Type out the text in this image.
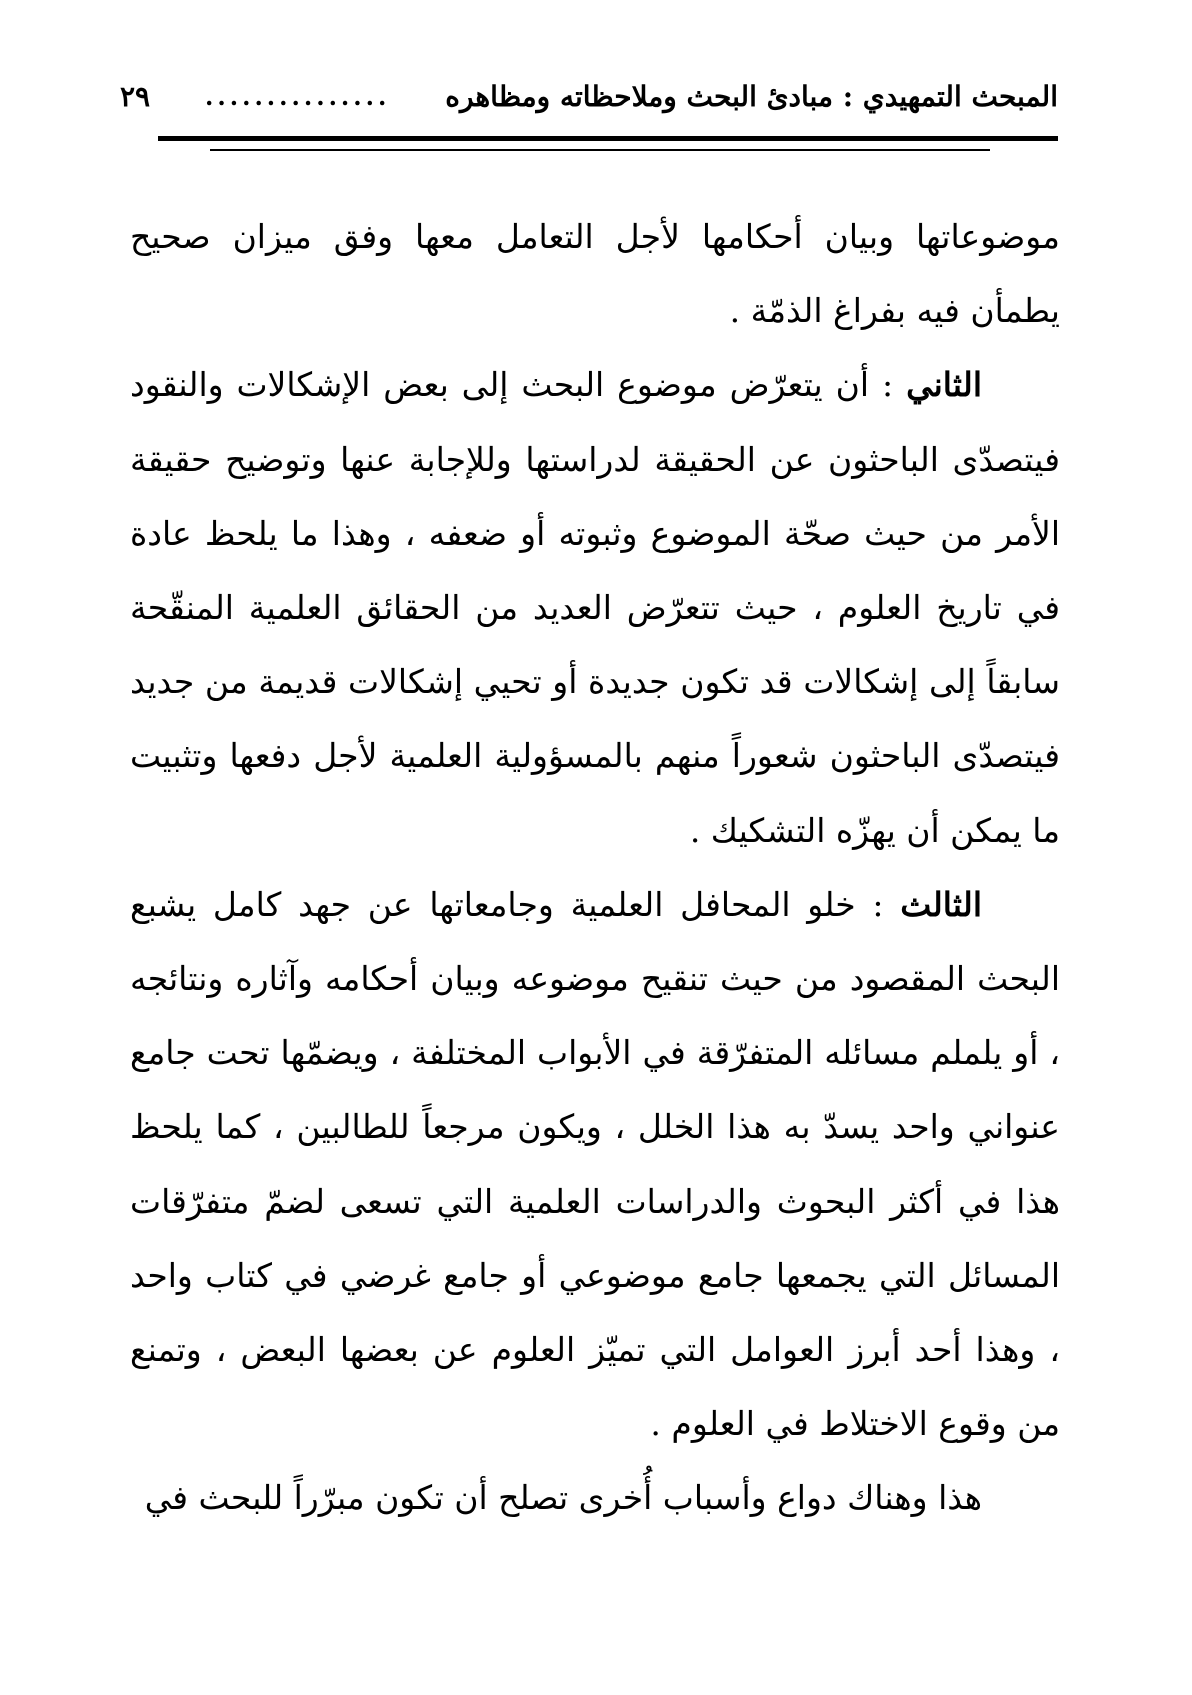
المبحث التمهيدي : مبادئ البحث وملاحظاته ومظاهره
...............
٢٩

موضوعاتها وبيان أحكامها لأجل التعامل معها وفق ميزان صحيح يطمأن فيه بفراغ الذمّة .

الثاني : أن يتعرّض موضوع البحث إلى بعض الإشكالات والنقود فيتصدّى الباحثون عن الحقيقة لدراستها وللإجابة عنها وتوضيح حقيقة الأمر من حيث صحّة الموضوع وثبوته أو ضعفه ، وهذا ما يلحظ عادة في تاريخ العلوم ، حيث تتعرّض العديد من الحقائق العلمية المنقّحة سابقاً إلى إشكالات قد تكون جديدة أو تحيي إشكالات قديمة من جديد فيتصدّى الباحثون شعوراً منهم بالمسؤولية العلمية لأجل دفعها وتثبيت ما يمكن أن يهزّه التشكيك .

الثالث : خلو المحافل العلمية وجامعاتها عن جهد كامل يشبع البحث المقصود من حيث تنقيح موضوعه وبيان أحكامه وآثاره ونتائجه ، أو يلملم مسائله المتفرّقة في الأبواب المختلفة ، ويضمّها تحت جامع عنواني واحد يسدّ به هذا الخلل ، ويكون مرجعاً للطالبين ، كما يلحظ هذا في أكثر البحوث والدراسات العلمية التي تسعى لضمّ متفرّقات المسائل التي يجمعها جامع موضوعي أو جامع غرضي في كتاب واحد ، وهذا أحد أبرز العوامل التي تميّز العلوم عن بعضها البعض ، وتمنع من وقوع الاختلاط في العلوم .

هذا وهناك دواع وأسباب أُخرى تصلح أن تكون مبرّراً للبحث في
